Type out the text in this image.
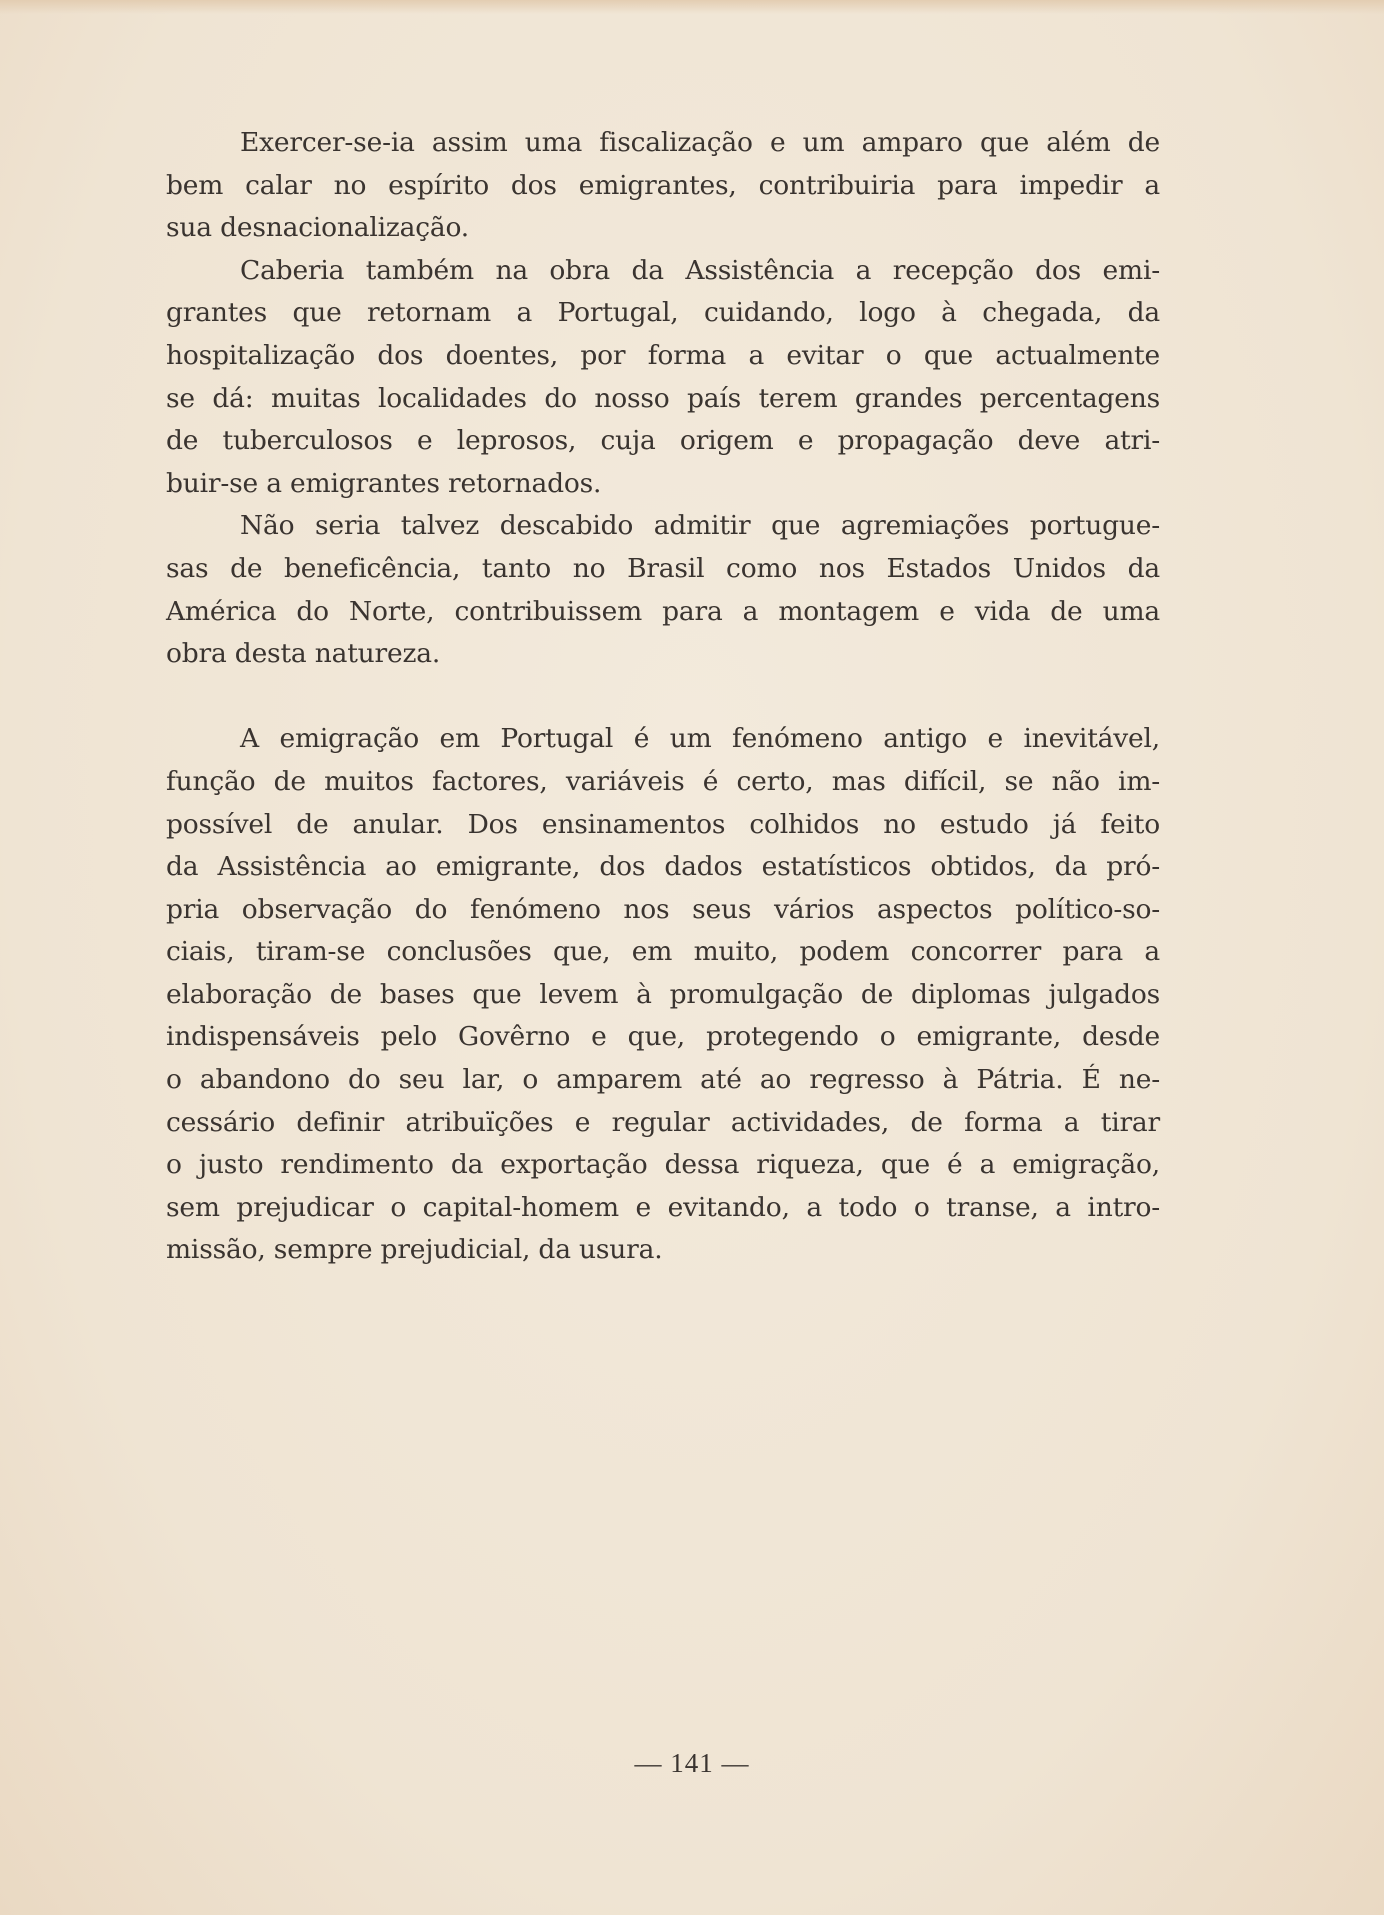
Exercer-se-ia assim uma fiscalização e um amparo que além de
bem calar no espírito dos emigrantes, contribuiria para impedir a
sua desnacionalização.
Caberia também na obra da Assistência a recepção dos emi-
grantes que retornam a Portugal, cuidando, logo à chegada, da
hospitalização dos doentes, por forma a evitar o que actualmente
se dá: muitas localidades do nosso país terem grandes percentagens
de tuberculosos e leprosos, cuja origem e propagação deve atri-
buir-se a emigrantes retornados.
Não seria talvez descabido admitir que agremiações portugue-
sas de beneficência, tanto no Brasil como nos Estados Unidos da
América do Norte, contribuissem para a montagem e vida de uma
obra desta natureza.
A emigração em Portugal é um fenómeno antigo e inevitável,
função de muitos factores, variáveis é certo, mas difícil, se não im-
possível de anular. Dos ensinamentos colhidos no estudo já feito
da Assistência ao emigrante, dos dados estatísticos obtidos, da pró-
pria observação do fenómeno nos seus vários aspectos político-so-
ciais, tiram-se conclusões que, em muito, podem concorrer para a
elaboração de bases que levem à promulgação de diplomas julgados
indispensáveis pelo Govêrno e que, protegendo o emigrante, desde
o abandono do seu lar, o amparem até ao regresso à Pátria. É ne-
cessário definir atribuïções e regular actividades, de forma a tirar
o justo rendimento da exportação dessa riqueza, que é a emigração,
sem prejudicar o capital-homem e evitando, a todo o transe, a intro-
missão, sempre prejudicial, da usura.
— 141 —
